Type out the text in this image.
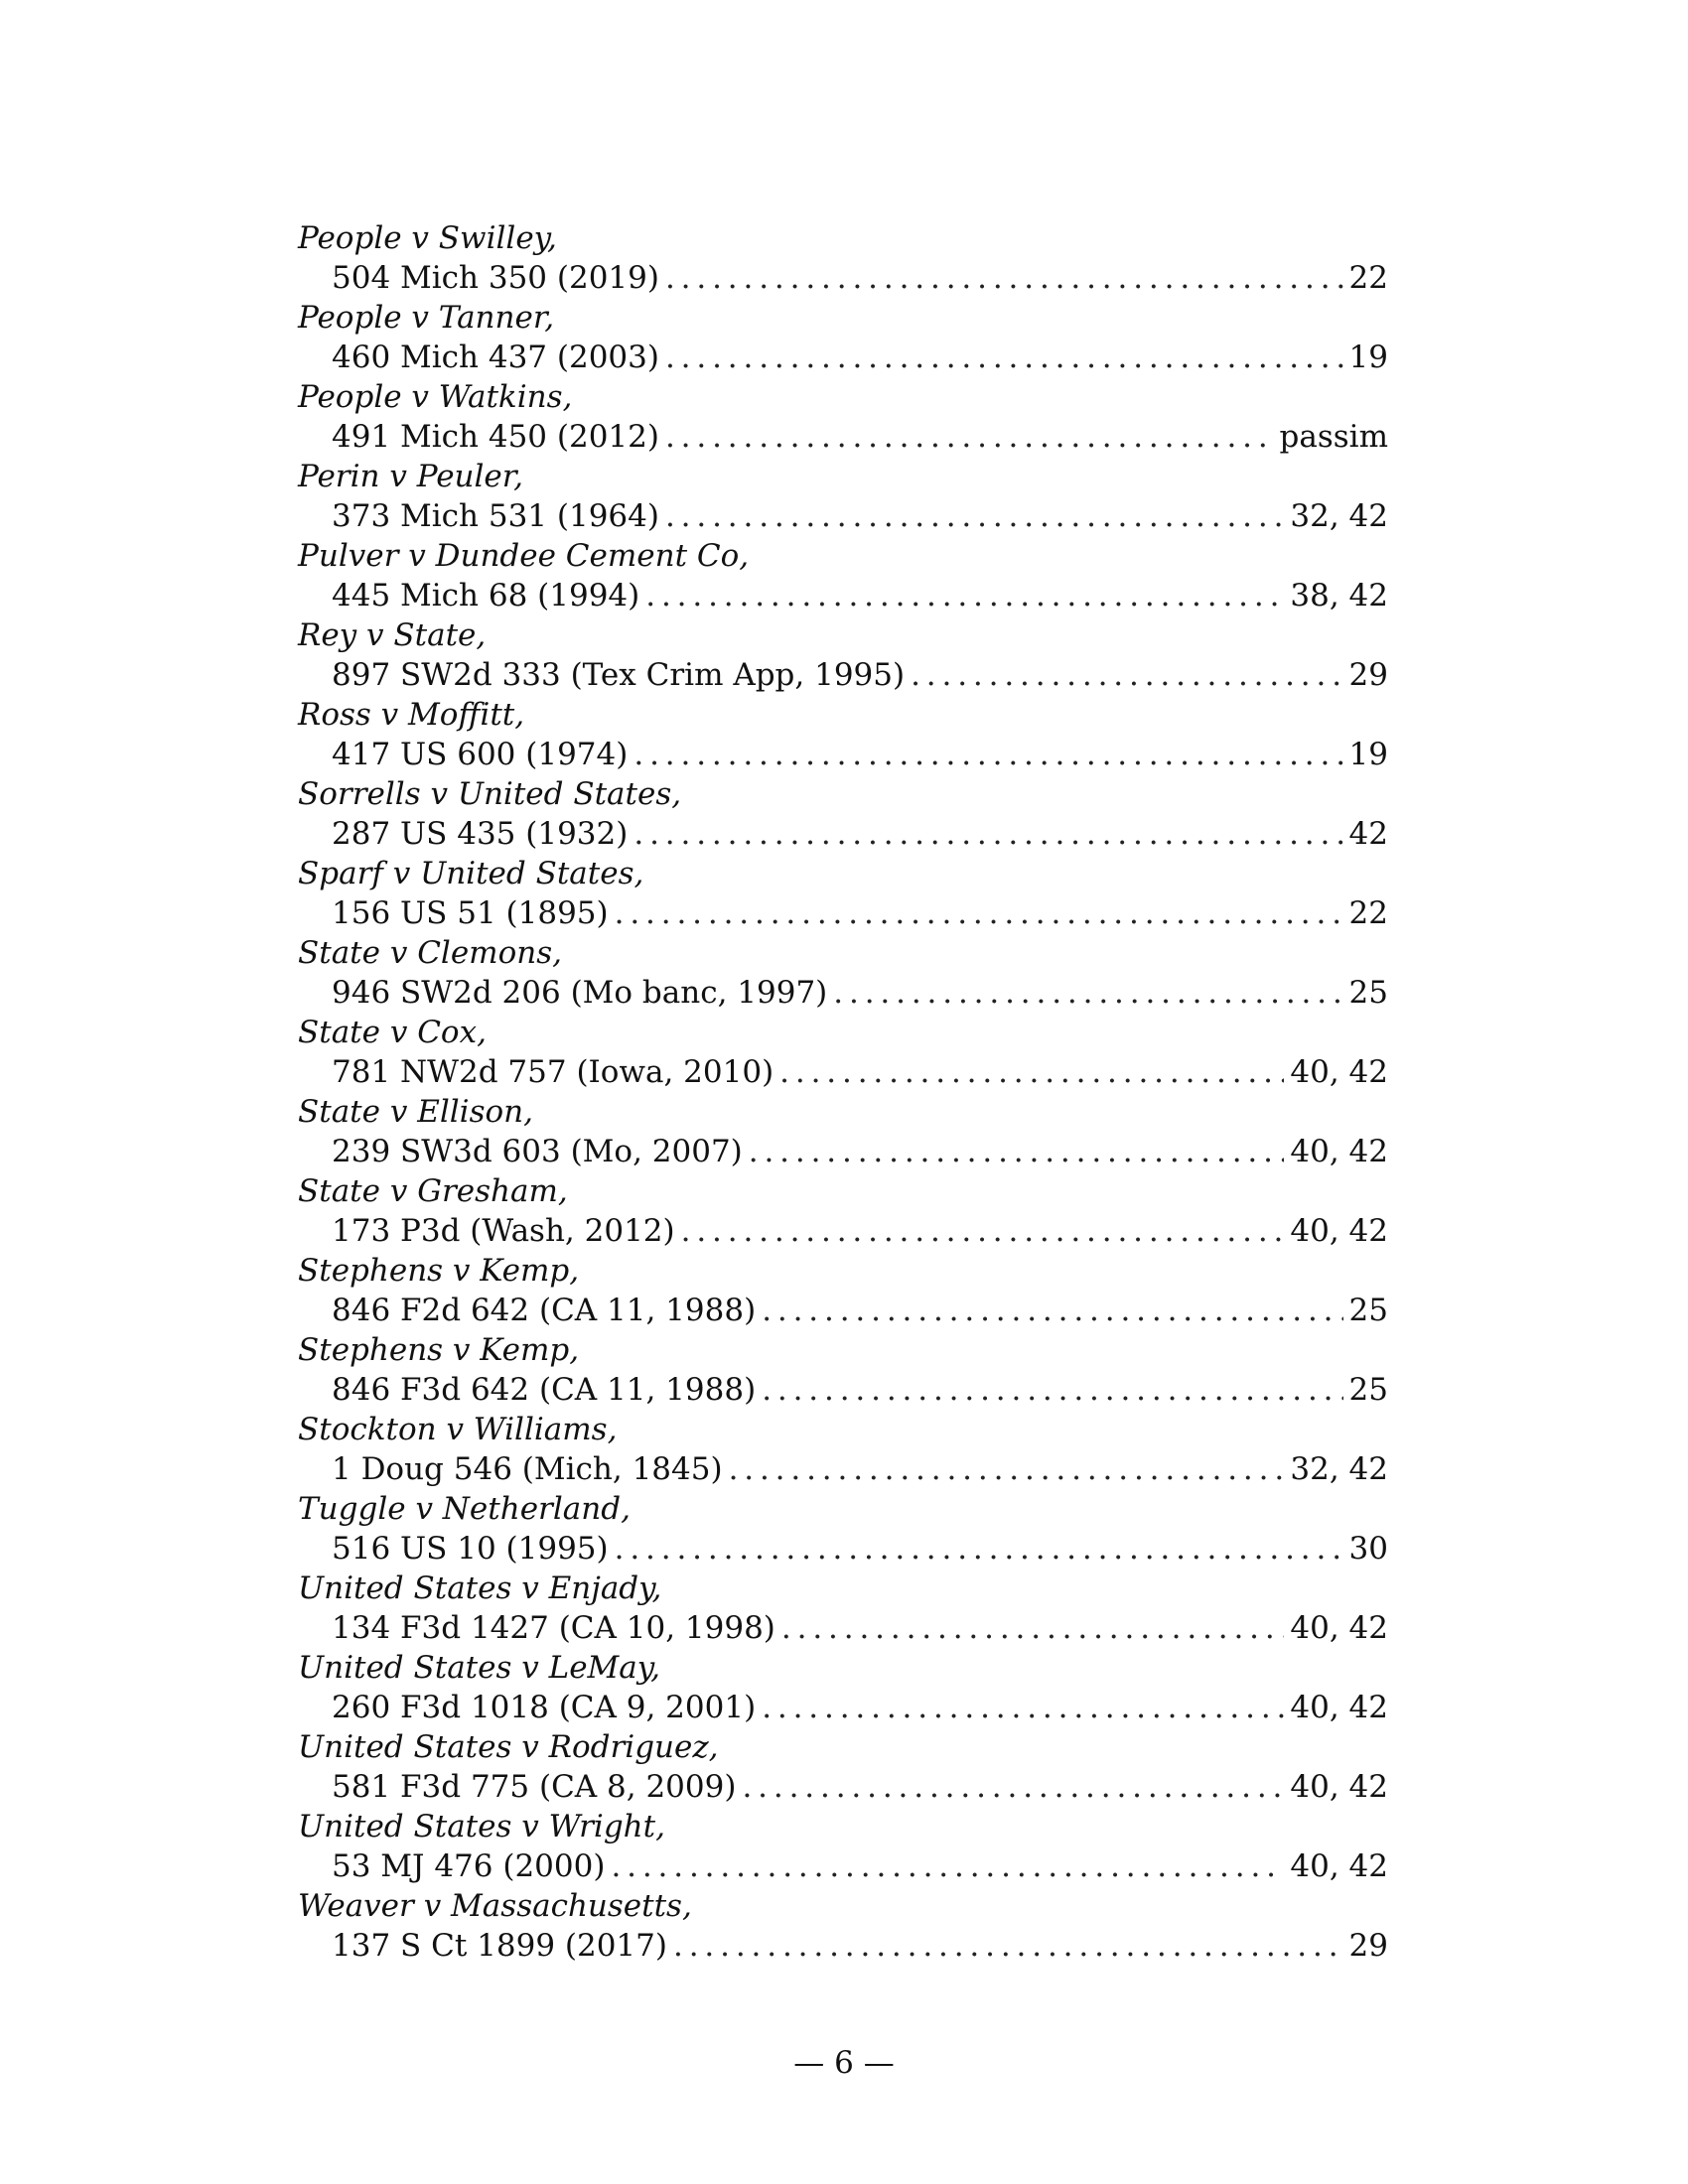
People v Swilley,
504 Mich 350 (2019) . . .	22
People v Tanner,
460 Mich 437 (2003) . . .	19
People v Watkins,
491 Mich 450 (2012) . . .	passim
Perin v Peuler,
373 Mich 531 (1964) . . .	32, 42
Pulver v Dundee Cement Co,
445 Mich 68 (1994) . . .	38, 42
Rey v State,
897 SW2d 333 (Tex Crim App, 1995) . . .	29
Ross v Moffitt,
417 US 600 (1974) . . .	19
Sorrells v United States,
287 US 435 (1932) . . .	42
Sparf v United States,
156 US 51 (1895) . . .	22
State v Clemons,
946 SW2d 206 (Mo banc, 1997) . . .	25
State v Cox,
781 NW2d 757 (Iowa, 2010) . . .	40, 42
State v Ellison,
239 SW3d 603 (Mo, 2007) . . .	40, 42
State v Gresham,
173 P3d (Wash, 2012) . . .	40, 42
Stephens v Kemp,
846 F2d 642 (CA 11, 1988) . . .	25
Stephens v Kemp,
846 F3d 642 (CA 11, 1988) . . .	25
Stockton v Williams,
1 Doug 546 (Mich, 1845) . . .	32, 42
Tuggle v Netherland,
516 US 10 (1995) . . .	30
United States v Enjady,
134 F3d 1427 (CA 10, 1998) . . .	40, 42
United States v LeMay,
260 F3d 1018 (CA 9, 2001) . . .	40, 42
United States v Rodriguez,
581 F3d 775 (CA 8, 2009) . . .	40, 42
United States v Wright,
53 MJ 476 (2000) . . .	40, 42
Weaver v Massachusetts,
137 S Ct 1899 (2017) . . .	29
— 6 —
